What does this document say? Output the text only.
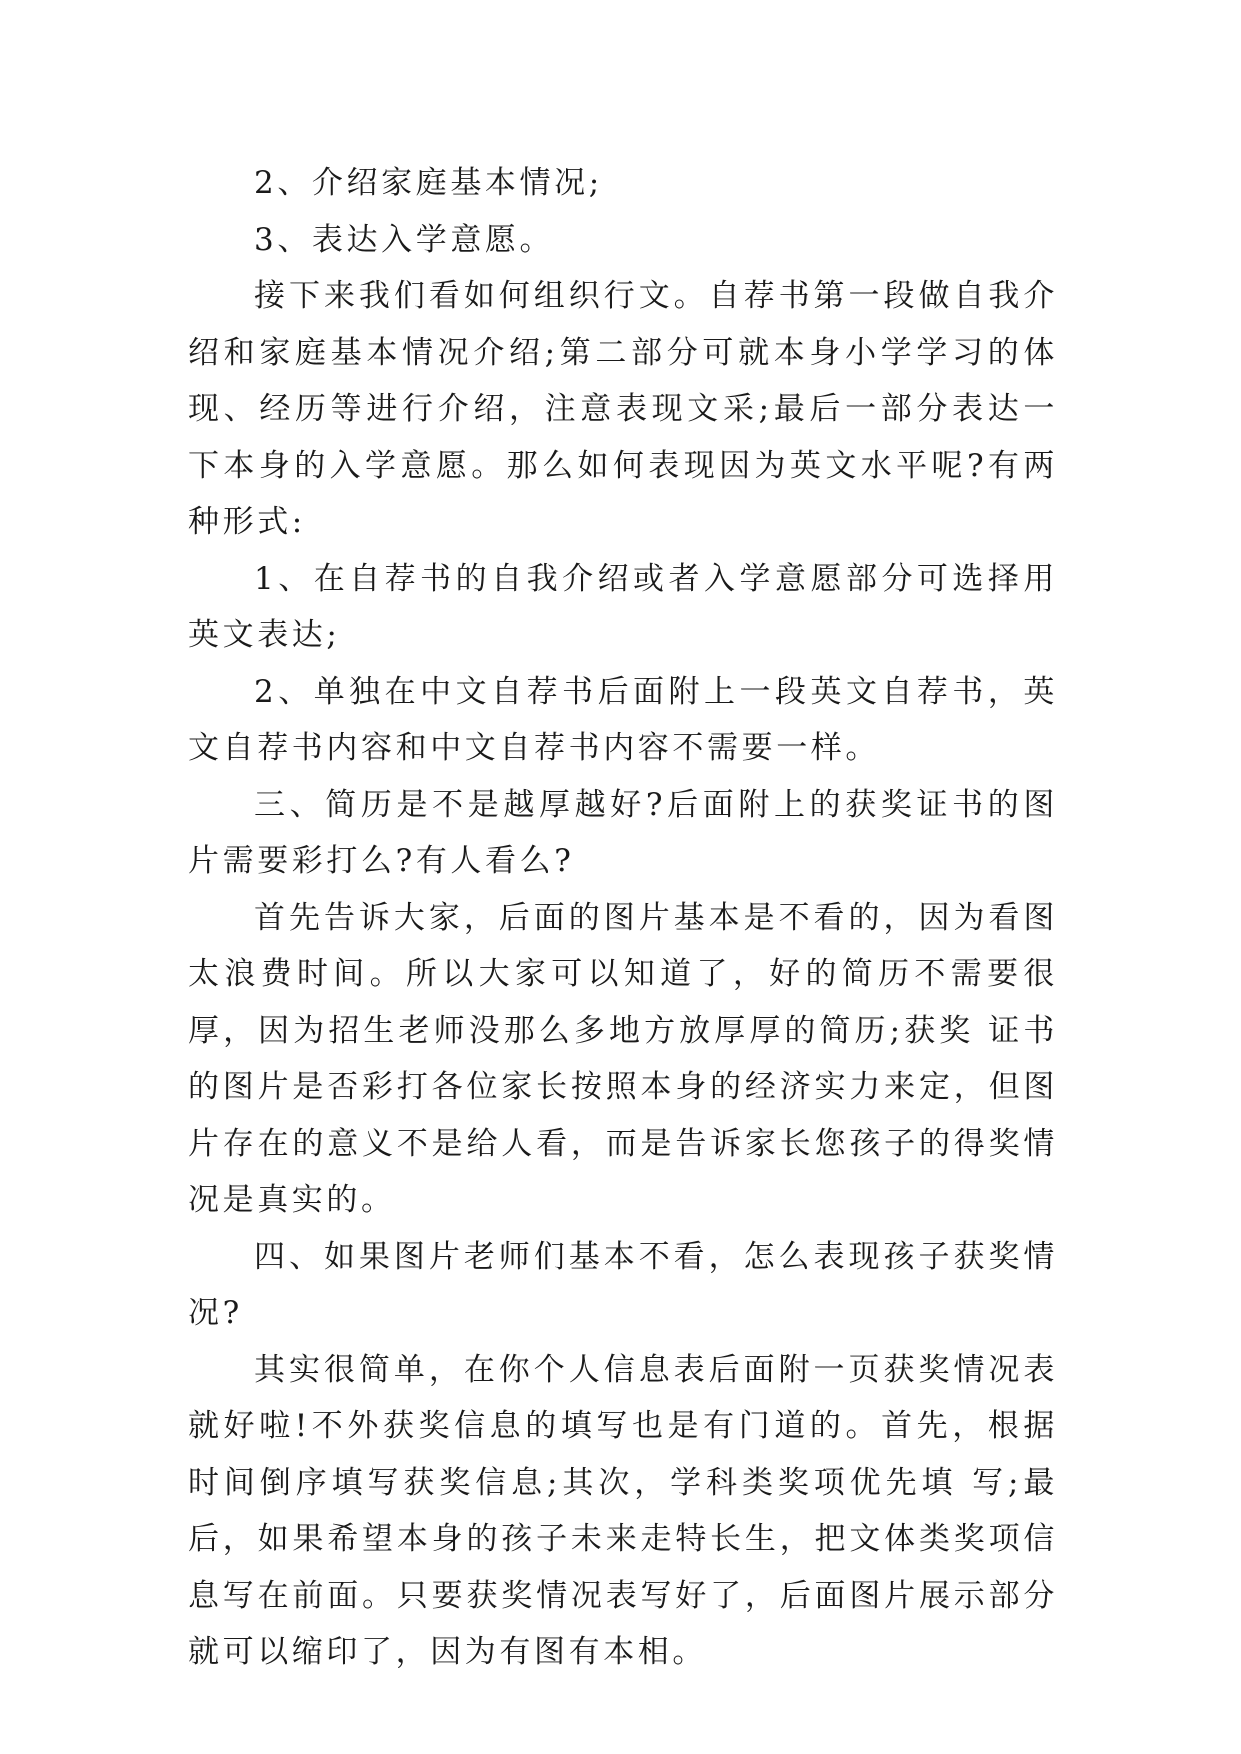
2、介绍家庭基本情况;

3、表达入学意愿。

接下来我们看如何组织行文。自荐书第一段做自我介绍和家庭基本情况介绍;第二部分可就本身小学学习的体现、经历等进行介绍，注意表现文采;最后一部分表达一下本身的入学意愿。那么如何表现因为英文水平呢?有两种形式:

1、在自荐书的自我介绍或者入学意愿部分可选择用英文表达;

2、单独在中文自荐书后面附上一段英文自荐书，英文自荐书内容和中文自荐书内容不需要一样。

三、简历是不是越厚越好?后面附上的获奖证书的图片需要彩打么?有人看么?

首先告诉大家，后面的图片基本是不看的，因为看图太浪费时间。所以大家可以知道了，好的简历不需要很厚，因为招生老师没那么多地方放厚厚的简历;获奖 证书的图片是否彩打各位家长按照本身的经济实力来定，但图片存在的意义不是给人看，而是告诉家长您孩子的得奖情况是真实的。

四、如果图片老师们基本不看，怎么表现孩子获奖情况?

其实很简单，在你个人信息表后面附一页获奖情况表就好啦!不外获奖信息的填写也是有门道的。首先，根据时间倒序填写获奖信息;其次，学科类奖项优先填 写;最后，如果希望本身的孩子未来走特长生，把文体类奖项信息写在前面。只要获奖情况表写好了，后面图片展示部分就可以缩印了，因为有图有本相。
